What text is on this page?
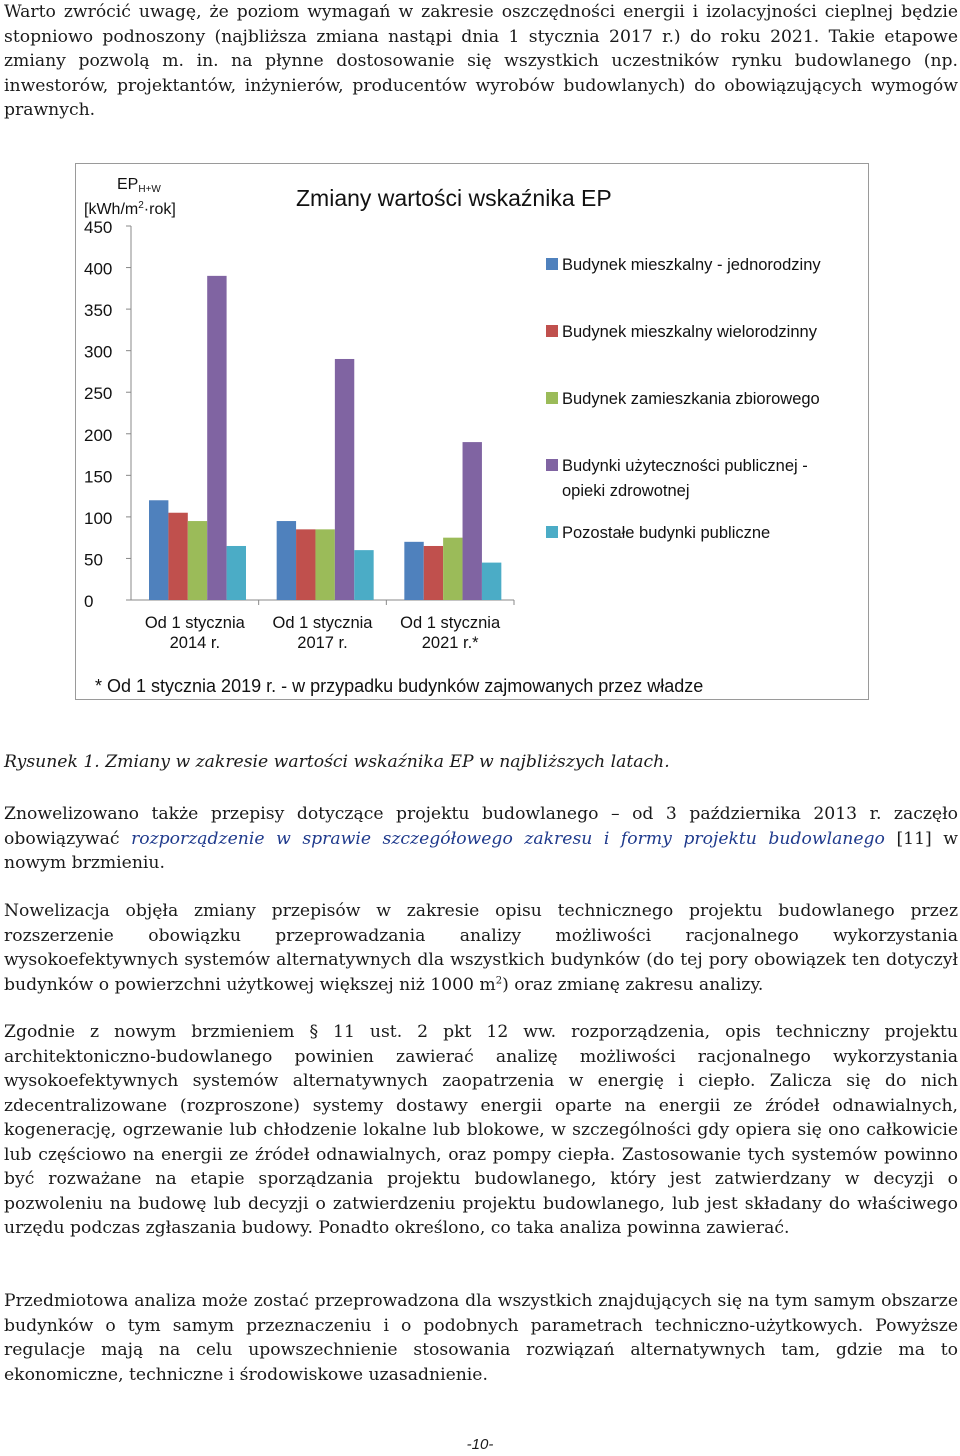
Warto zwrócić uwagę, że poziom wymagań w zakresie oszczędności energii i izolacyjności cieplnej będzie stopniowo podnoszony (najbliższa zmiana nastąpi dnia 1 stycznia 2017 r.) do roku 2021. Takie etapowe zmiany pozwolą m. in. na płynne dostosowanie się wszystkich uczestników rynku budowlanego (np. inwestorów, projektantów, inżynierów, producentów wyrobów budowlanych) do obowiązujących wymogów prawnych.
Zmiany wartości wskaźnika EP
EPH+W
$[kWh/m^2\cdot rok]$
0
50
100
150
200
250
300
350
400
450
Od 1 stycznia
2014 r.
Od 1 stycznia
2017 r.
Od 1 stycznia
2021 r.*
Budynek mieszkalny - jednorodziny
Budynek mieszkalny wielorodzinny
Budynek zamieszkania zbiorowego
Budynki użyteczności publicznej -
opieki zdrowotnej
Pozostałe budynki publiczne
* Od 1 stycznia 2019 r. - w przypadku budynków zajmowanych przez władze
Rysunek 1. Zmiany w zakresie wartości wskaźnika EP w najbliższych latach.
Znowelizowano także przepisy dotyczące projektu budowlanego – od 3 października 2013 r. zaczęło obowiązywać rozporządzenie w sprawie szczegółowego zakresu i formy projektu budowlanego [11] w nowym brzmieniu.
Nowelizacja objęła zmiany przepisów w zakresie opisu technicznego projektu budowlanego przez rozszerzenie obowiązku przeprowadzania analizy możliwości racjonalnego wykorzystania wysokoefektywnych systemów alternatywnych dla wszystkich budynków (do tej pory obowiązek ten dotyczył budynków o powierzchni użytkowej większej niż 1000 $m^2$) oraz zmianę zakresu analizy.
Zgodnie z nowym brzmieniem § 11 ust. 2 pkt 12 ww. rozporządzenia, opis techniczny projektu architektoniczno-budowlanego powinien zawierać analizę możliwości racjonalnego wykorzystania wysokoefektywnych systemów alternatywnych zaopatrzenia w energię i ciepło. Zalicza się do nich zdecentralizowane (rozproszone) systemy dostawy energii oparte na energii ze źródeł odnawialnych, kogenerację, ogrzewanie lub chłodzenie lokalne lub blokowe, w szczególności gdy opiera się ono całkowicie lub częściowo na energii ze źródeł odnawialnych, oraz pompy ciepła. Zastosowanie tych systemów powinno być rozważane na etapie sporządzania projektu budowlanego, który jest zatwierdzany w decyzji o pozwoleniu na budowę lub decyzji o zatwierdzeniu projektu budowlanego, lub jest składany do właściwego urzędu podczas zgłaszania budowy. Ponadto określono, co taka analiza powinna zawierać.
Przedmiotowa analiza może zostać przeprowadzona dla wszystkich znajdujących się na tym samym obszarze budynków o tym samym przeznaczeniu i o podobnych parametrach techniczno-użytkowych. Powyższe regulacje mają na celu upowszechnienie stosowania rozwiązań alternatywnych tam, gdzie ma to ekonomiczne, techniczne i środowiskowe uzasadnienie.
-10-
